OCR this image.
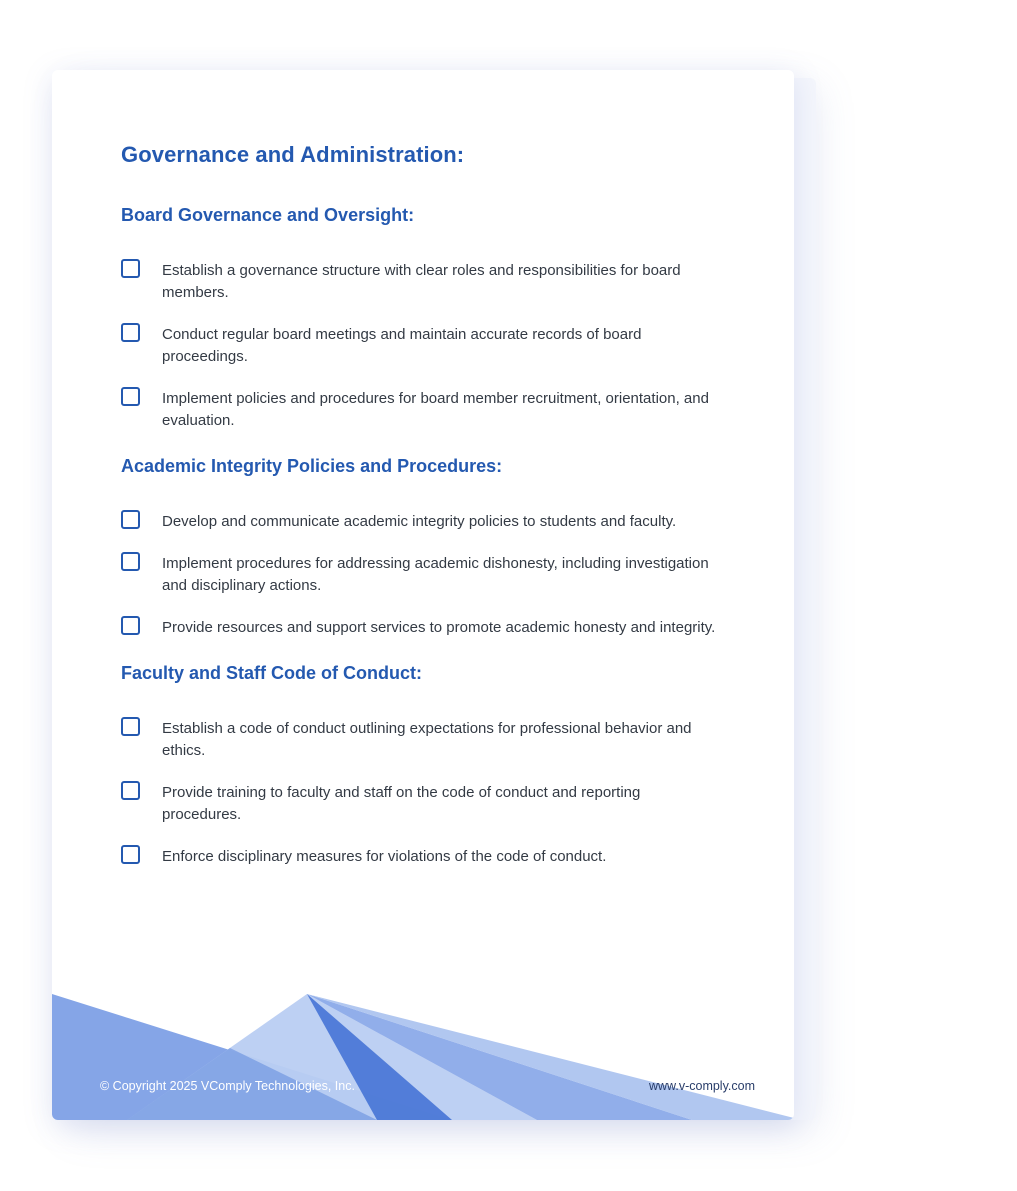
Governance and Administration:
Board Governance and Oversight:
Establish a governance structure with clear roles and responsibilities for board members.
Conduct regular board meetings and maintain accurate records of board proceedings.
Implement policies and procedures for board member recruitment, orientation, and evaluation.
Academic Integrity Policies and Procedures:
Develop and communicate academic integrity policies to students and faculty.
Implement procedures for addressing academic dishonesty, including investigation and disciplinary actions.
Provide resources and support services to promote academic honesty and integrity.
Faculty and Staff Code of Conduct:
Establish a code of conduct outlining expectations for professional behavior and ethics.
Provide training to faculty and staff on the code of conduct and reporting procedures.
Enforce disciplinary measures for violations of the code of conduct.
© Copyright 2025 VComply Technologies, Inc.	www.v-comply.com
